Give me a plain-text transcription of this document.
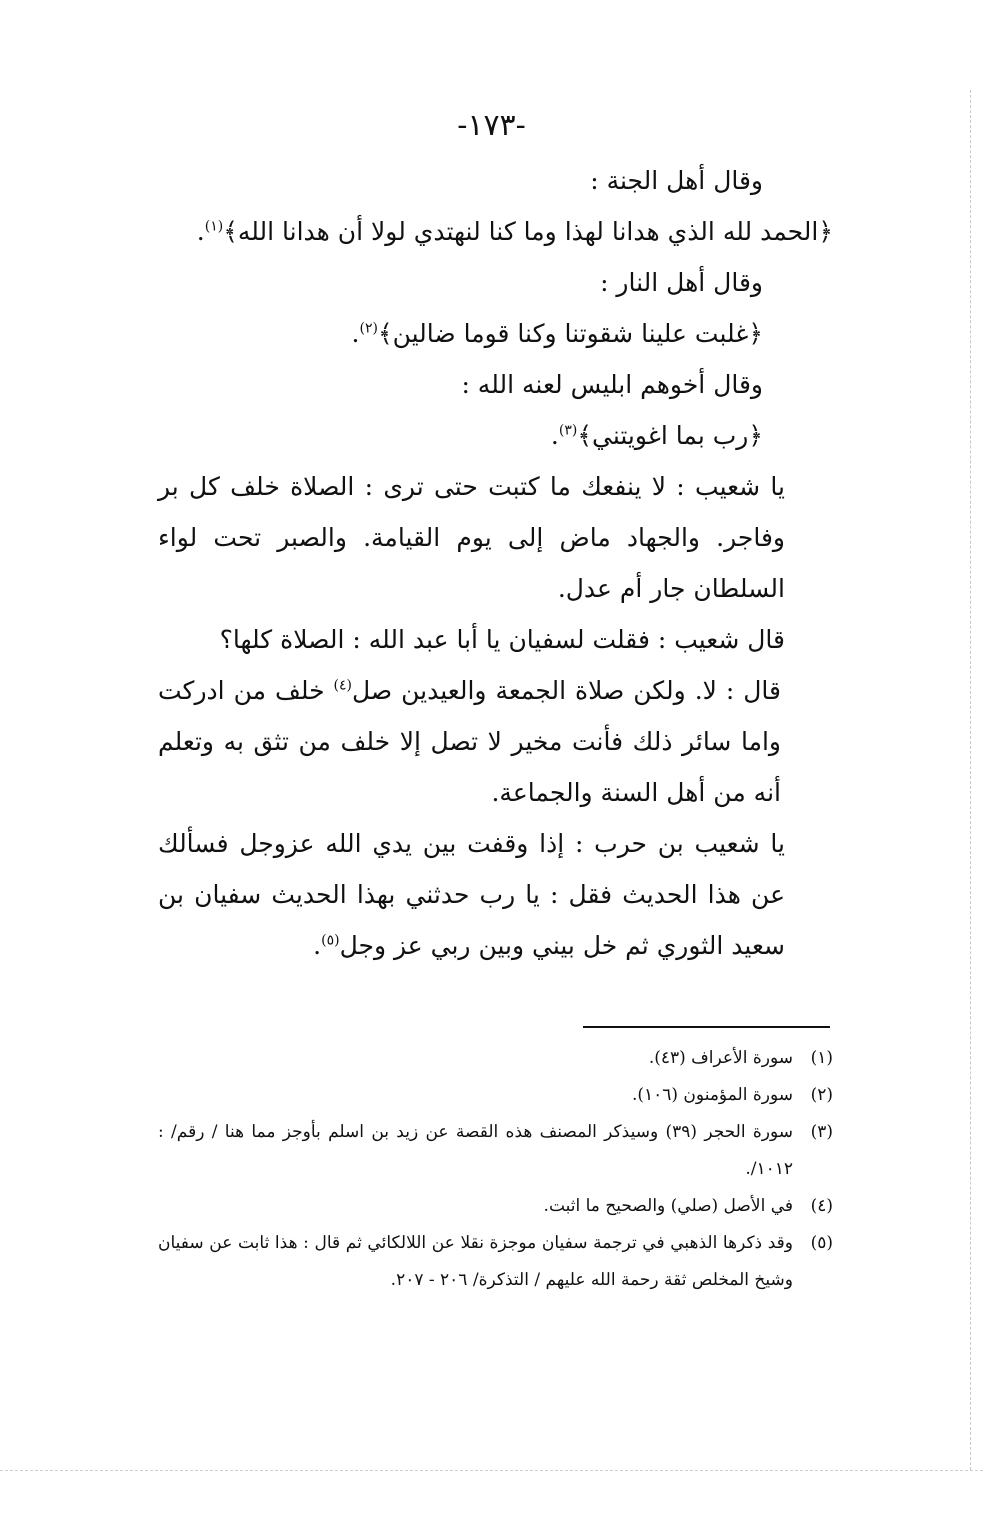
-١٧٣-

وقال أهل الجنة :

﴿الحمد لله الذي هدانا لهذا وما كنا لنهتدي لولا أن هدانا الله﴾$^{(١)}$.

وقال أهل النار :

﴿غلبت علينا شقوتنا وكنا قوما ضالين﴾$^{(٢)}$.

وقال أخوهم ابليس لعنه الله :

﴿رب بما اغويتني﴾$^{(٣)}$.

يا شعيب : لا ينفعك ما كتبت حتى ترى : الصلاة خلف كل بر وفاجر. والجهاد ماض إلى يوم القيامة. والصبر تحت لواء السلطان جار أم عدل.

قال شعيب : فقلت لسفيان يا أبا عبد الله : الصلاة كلها؟

قال : لا. ولكن صلاة الجمعة والعيدين صل$^{(٤)}$ خلف من ادركت واما سائر ذلك فأنت مخير لا تصل إلا خلف من تثق به وتعلم أنه من أهل السنة والجماعة.

يا شعيب بن حرب : إذا وقفت بين يدي الله عزوجل فسألك عن هذا الحديث فقل : يا رب حدثني بهذا الحديث سفيان بن سعيد الثوري ثم خل بيني وبين ربي عز وجل$^{(٥)}$.

(١)
سورة الأعراف (٤٣).
(٢)
سورة المؤمنون (١٠٦).
(٣)
سورة الحجر (٣٩) وسيذكر المصنف هذه القصة عن زيد بن اسلم بأوجز مما هنا / رقم/ : ١٠١٢/.
(٤)
في الأصل (صلي) والصحيح ما اثبت.
(٥)
وقد ذكرها الذهبي في ترجمة سفيان موجزة نقلا عن اللالكائي ثم قال : هذا ثابت عن سفيان وشيخ المخلص ثقة رحمة الله عليهم / التذكرة/ ٢٠٦ - ٢٠٧.
